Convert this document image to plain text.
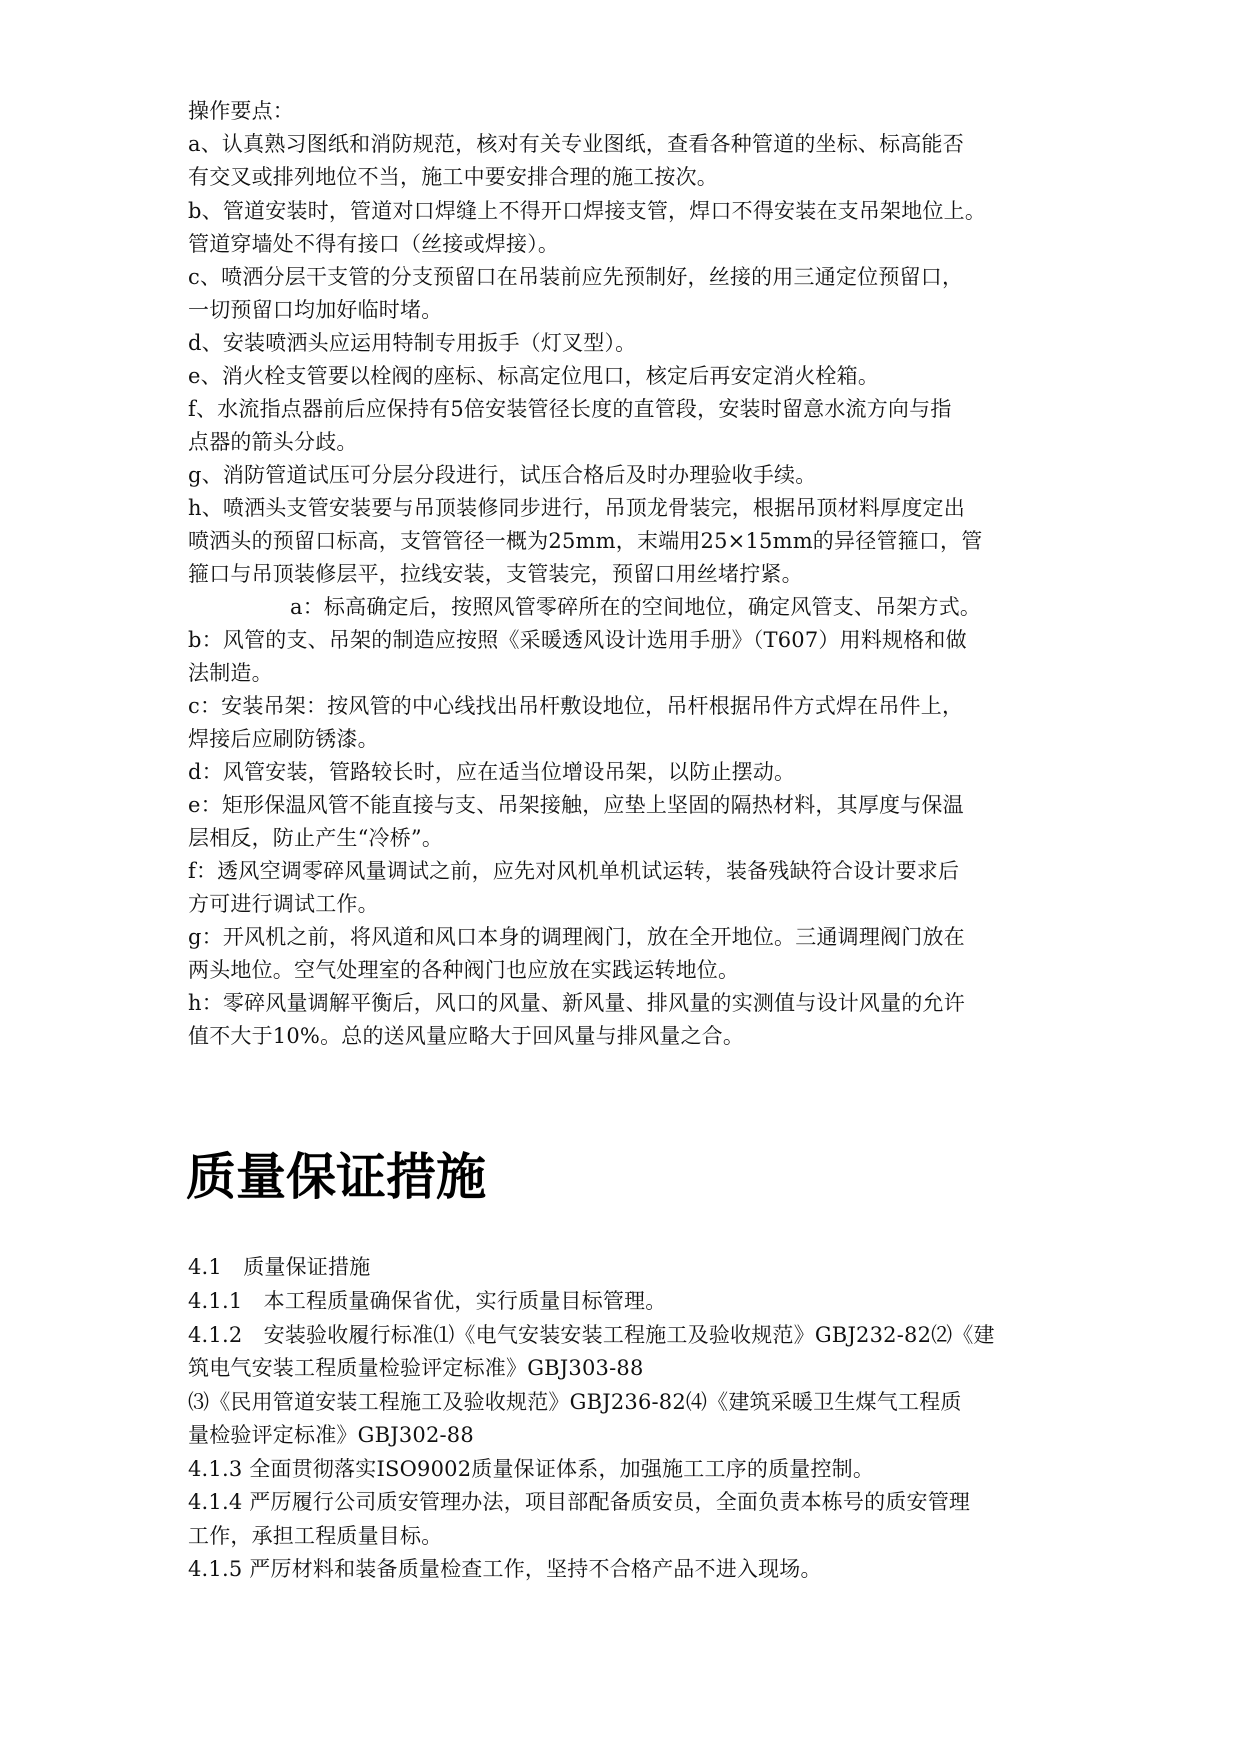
操作要点：
a、认真熟习图纸和消防规范，核对有关专业图纸，查看各种管道的坐标、标高能否
有交叉或排列地位不当，施工中要安排合理的施工按次。
b、管道安装时，管道对口焊缝上不得开口焊接支管，焊口不得安装在支吊架地位上。
管道穿墙处不得有接口（丝接或焊接）。
c、喷洒分层干支管的分支预留口在吊装前应先预制好，丝接的用三通定位预留口，
一切预留口均加好临时堵。
d、安装喷洒头应运用特制专用扳手（灯叉型）。
e、消火栓支管要以栓阀的座标、标高定位甩口，核定后再安定消火栓箱。
f、水流指点器前后应保持有5倍安装管径长度的直管段，安装时留意水流方向与指
点器的箭头分歧。
g、消防管道试压可分层分段进行，试压合格后及时办理验收手续。
h、喷洒头支管安装要与吊顶装修同步进行，吊顶龙骨装完，根据吊顶材料厚度定出
喷洒头的预留口标高，支管管径一概为25mm，末端用25×15mm的异径管箍口，管
箍口与吊顶装修层平，拉线安装，支管装完，预留口用丝堵拧紧。
a：标高确定后，按照风管零碎所在的空间地位，确定风管支、吊架方式。
b：风管的支、吊架的制造应按照《采暖透风设计选用手册》（T607）用料规格和做
法制造。
c：安装吊架：按风管的中心线找出吊杆敷设地位，吊杆根据吊件方式焊在吊件上，
焊接后应刷防锈漆。
d：风管安装，管路较长时，应在适当位增设吊架，以防止摆动。
e：矩形保温风管不能直接与支、吊架接触，应垫上坚固的隔热材料，其厚度与保温
层相反，防止产生“冷桥”。
f：透风空调零碎风量调试之前，应先对风机单机试运转，装备残缺符合设计要求后
方可进行调试工作。
g：开风机之前，将风道和风口本身的调理阀门，放在全开地位。三通调理阀门放在
两头地位。空气处理室的各种阀门也应放在实践运转地位。
h：零碎风量调解平衡后，风口的风量、新风量、排风量的实测值与设计风量的允许
值不大于10%。总的送风量应略大于回风量与排风量之合。
质量保证措施
4.1　质量保证措施
4.1.1　本工程质量确保省优，实行质量目标管理。
4.1.2　安装验收履行标准⑴《电气安装安装工程施工及验收规范》GBJ232-82⑵《建
筑电气安装工程质量检验评定标准》GBJ303-88
⑶《民用管道安装工程施工及验收规范》GBJ236-82⑷《建筑采暖卫生煤气工程质
量检验评定标准》GBJ302-88
4.1.3 全面贯彻落实ISO9002质量保证体系，加强施工工序的质量控制。
4.1.4 严厉履行公司质安管理办法，项目部配备质安员，全面负责本栋号的质安管理
工作，承担工程质量目标。
4.1.5 严厉材料和装备质量检查工作，坚持不合格产品不进入现场。
